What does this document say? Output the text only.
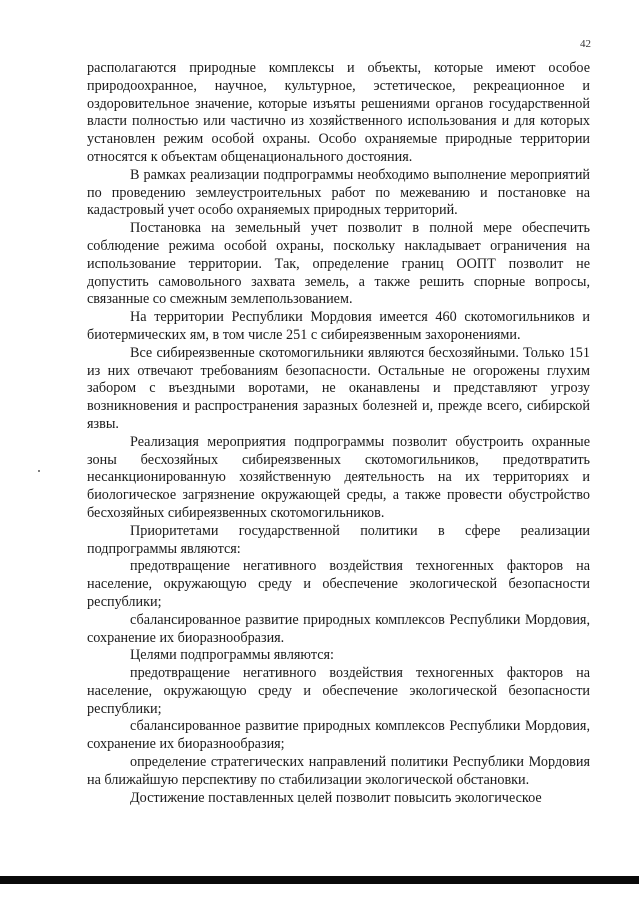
42

располагаются природные комплексы и объекты, которые имеют особое природоохранное, научное, культурное, эстетическое, рекреационное и оздоровительное значение, которые изъяты решениями органов государственной власти полностью или частично из хозяйственного использования и для которых установлен режим особой охраны. Особо охраняемые природные территории относятся к объектам общенационального достояния.

В рамках реализации подпрограммы необходимо выполнение мероприятий по проведению землеустроительных работ по межеванию и постановке на кадастровый учет особо охраняемых природных территорий.

Постановка на земельный учет позволит в полной мере обеспечить соблюдение режима особой охраны, поскольку накладывает ограничения на использование территории. Так, определение границ ООПТ позволит не допустить самовольного захвата земель, а также решить спорные вопросы, связанные со смежным землепользованием.

На территории Республики Мордовия имеется 460 скотомогильников и биотермических ям, в том числе 251 с сибиреязвенным захоронениями.

Все сибиреязвенные скотомогильники являются бесхозяйными. Только 151 из них отвечают требованиям безопасности. Остальные не огорожены глухим забором с въездными воротами, не оканавлены и представляют угрозу возникновения и распространения заразных болезней и, прежде всего, сибирской язвы.

Реализация мероприятия подпрограммы позволит обустроить охранные зоны бесхозяйных сибиреязвенных скотомогильников, предотвратить несанкционированную хозяйственную деятельность на их территориях и биологическое загрязнение окружающей среды, а также провести обустройство бесхозяйных сибиреязвенных скотомогильников.

Приоритетами государственной политики в сфере реализации подпрограммы являются:

предотвращение негативного воздействия техногенных факторов на население, окружающую среду и обеспечение экологической безопасности республики;

сбалансированное развитие природных комплексов Республики Мордовия, сохранение их биоразнообразия.

Целями подпрограммы являются:

предотвращение негативного воздействия техногенных факторов на население, окружающую среду и обеспечение экологической безопасности республики;

сбалансированное развитие природных комплексов Республики Мордовия, сохранение их биоразнообразия;

определение стратегических направлений политики Республики Мордовия на ближайшую перспективу по стабилизации экологической обстановки.

Достижение поставленных целей позволит повысить экологическое
